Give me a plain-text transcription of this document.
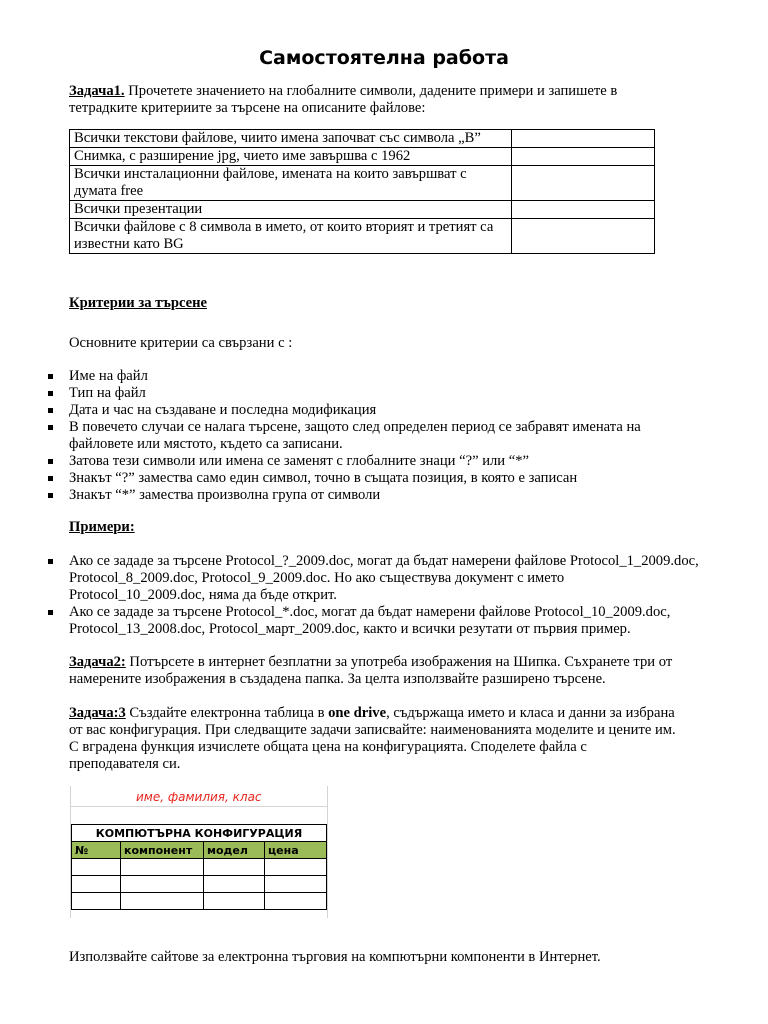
Самостоятелна работа
Задача1. Прочетете значението на глобалните символи, дадените примери и запишете в
тетрадките критериите за търсене на описаните файлове:
Всички текстови файлове, чиито имена започват със символа „B”	
Снимка, с разширение jpg, чието име завършва с 1962	
Всички инсталационни файлове, имената на които завършват с думата free	
Всички презентации	
Всички файлове с 8 символа в името, от които вторият и третият са известни като BG	
Критерии за търсене
Основните критерии са свързани с :
Име на файл
Тип на файл
Дата и час на създаване и последна модификация
В повечето случаи се налага търсене, защото след определен период се забравят имената на файловете или мястото, където са записани.
Затова тези символи или имена се заменят с глобалните знаци “?” или “*”
Знакът “?” замества само един символ, точно в същата позиция, в която е записан
Знакът “*” замества произволна група от символи
Примери:
Ако се зададе за търсене Protocol_?_2009.doc, могат да бъдат намерени файлове Protocol_1_2009.doc, Protocol_8_2009.doc, Protocol_9_2009.doc. Но ако съществува документ с името Protocol_10_2009.doc, няма да бъде открит.
Ако се зададе за търсене Protocol_*.doc, могат да бъдат намерени файлове Protocol_10_2009.doc, Protocol_13_2008.doc, Protocol_март_2009.doc, както и всички резутати от първия пример.
Задача2: Потърсете в интернет безплатни за употреба изображения на Шипка. Съхранете три от намерените изображения в създадена папка. За целта използвайте разширено търсене.
Задача:3 Създайте електронна таблица в one drive, съдържаща името и класа и данни за избрана от вас конфигурация. При следващите задачи записвайте: наименованията моделите и цените им. С вградена функция изчислете общата цена на конфигурацията. Споделете файла с преподавателя си.
име, фамилия, клас
КОМПЮТЪРНА КОНФИГУРАЦИЯ			
№	компонент	модел	цена

Използвайте сайтове за електронна търговия на компютърни компоненти в Интернет.
